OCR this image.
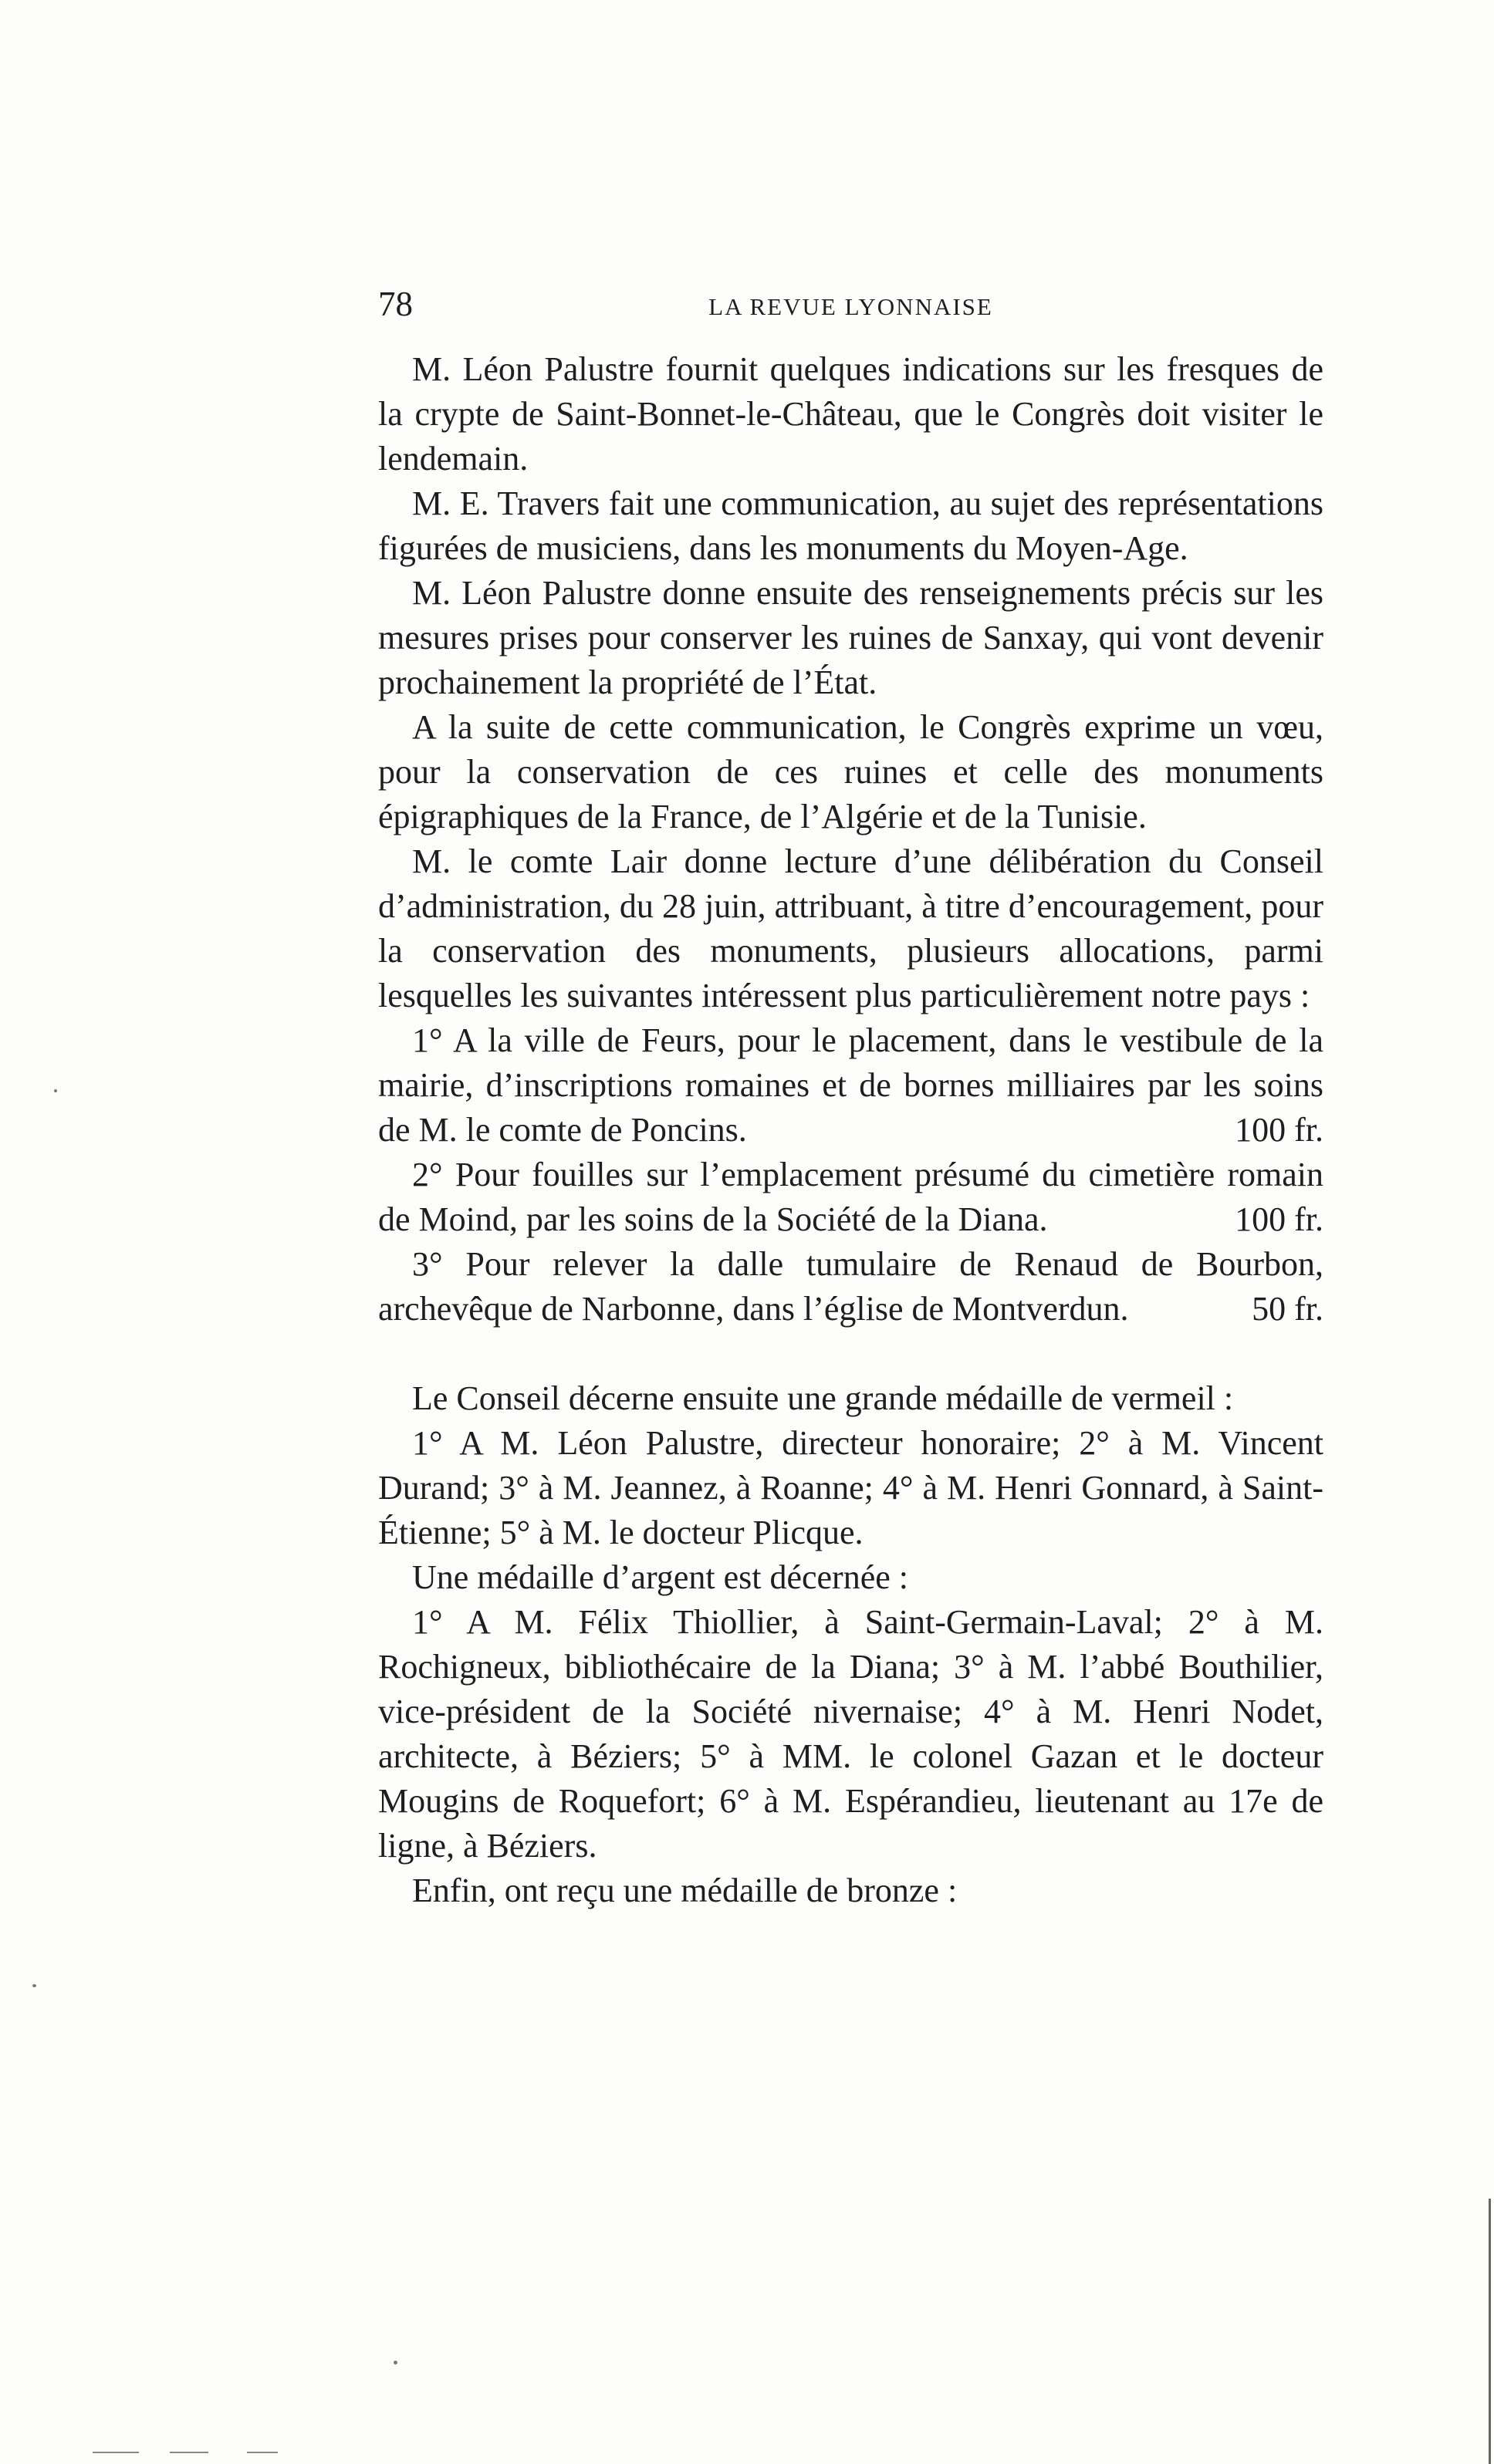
78	LA REVUE LYONNAISE

M. Léon Palustre fournit quelques indications sur les fresques de la crypte de Saint-Bonnet-le-Château, que le Congrès doit visiter le lendemain.

M. E. Travers fait une communication, au sujet des représentations figurées de musiciens, dans les monuments du Moyen-Age.

M. Léon Palustre donne ensuite des renseignements précis sur les mesures prises pour conserver les ruines de Sanxay, qui vont devenir prochainement la propriété de l’État.

A la suite de cette communication, le Congrès exprime un vœu, pour la conservation de ces ruines et celle des monuments épigraphiques de la France, de l’Algérie et de la Tunisie.

M. le comte Lair donne lecture d’une délibération du Conseil d’administration, du 28 juin, attribuant, à titre d’encouragement, pour la conservation des monuments, plusieurs allocations, parmi lesquelles les suivantes intéressent plus particulièrement notre pays :

1° A la ville de Feurs, pour le placement, dans le vestibule de la mairie, d’inscriptions romaines et de bornes milliaires par les soins de M. le comte de Poncins.	100 fr.

2° Pour fouilles sur l’emplacement présumé du cimetière romain de Moind, par les soins de la Société de la Diana.	100 fr.

3° Pour relever la dalle tumulaire de Renaud de Bourbon, archevêque de Narbonne, dans l’église de Montverdun.	50 fr.

Le Conseil décerne ensuite une grande médaille de vermeil :

1° A M. Léon Palustre, directeur honoraire; 2° à M. Vincent Durand; 3° à M. Jeannez, à Roanne; 4° à M. Henri Gonnard, à Saint-Étienne; 5° à M. le docteur Plicque.

Une médaille d’argent est décernée :

1° A M. Félix Thiollier, à Saint-Germain-Laval; 2° à M. Rochigneux, bibliothécaire de la Diana; 3° à M. l’abbé Bouthilier, vice-président de la Société nivernaise; 4° à M. Henri Nodet, architecte, à Béziers; 5° à MM. le colonel Gazan et le docteur Mougins de Roquefort; 6° à M. Espérandieu, lieutenant au 17e de ligne, à Béziers.

Enfin, ont reçu une médaille de bronze :
